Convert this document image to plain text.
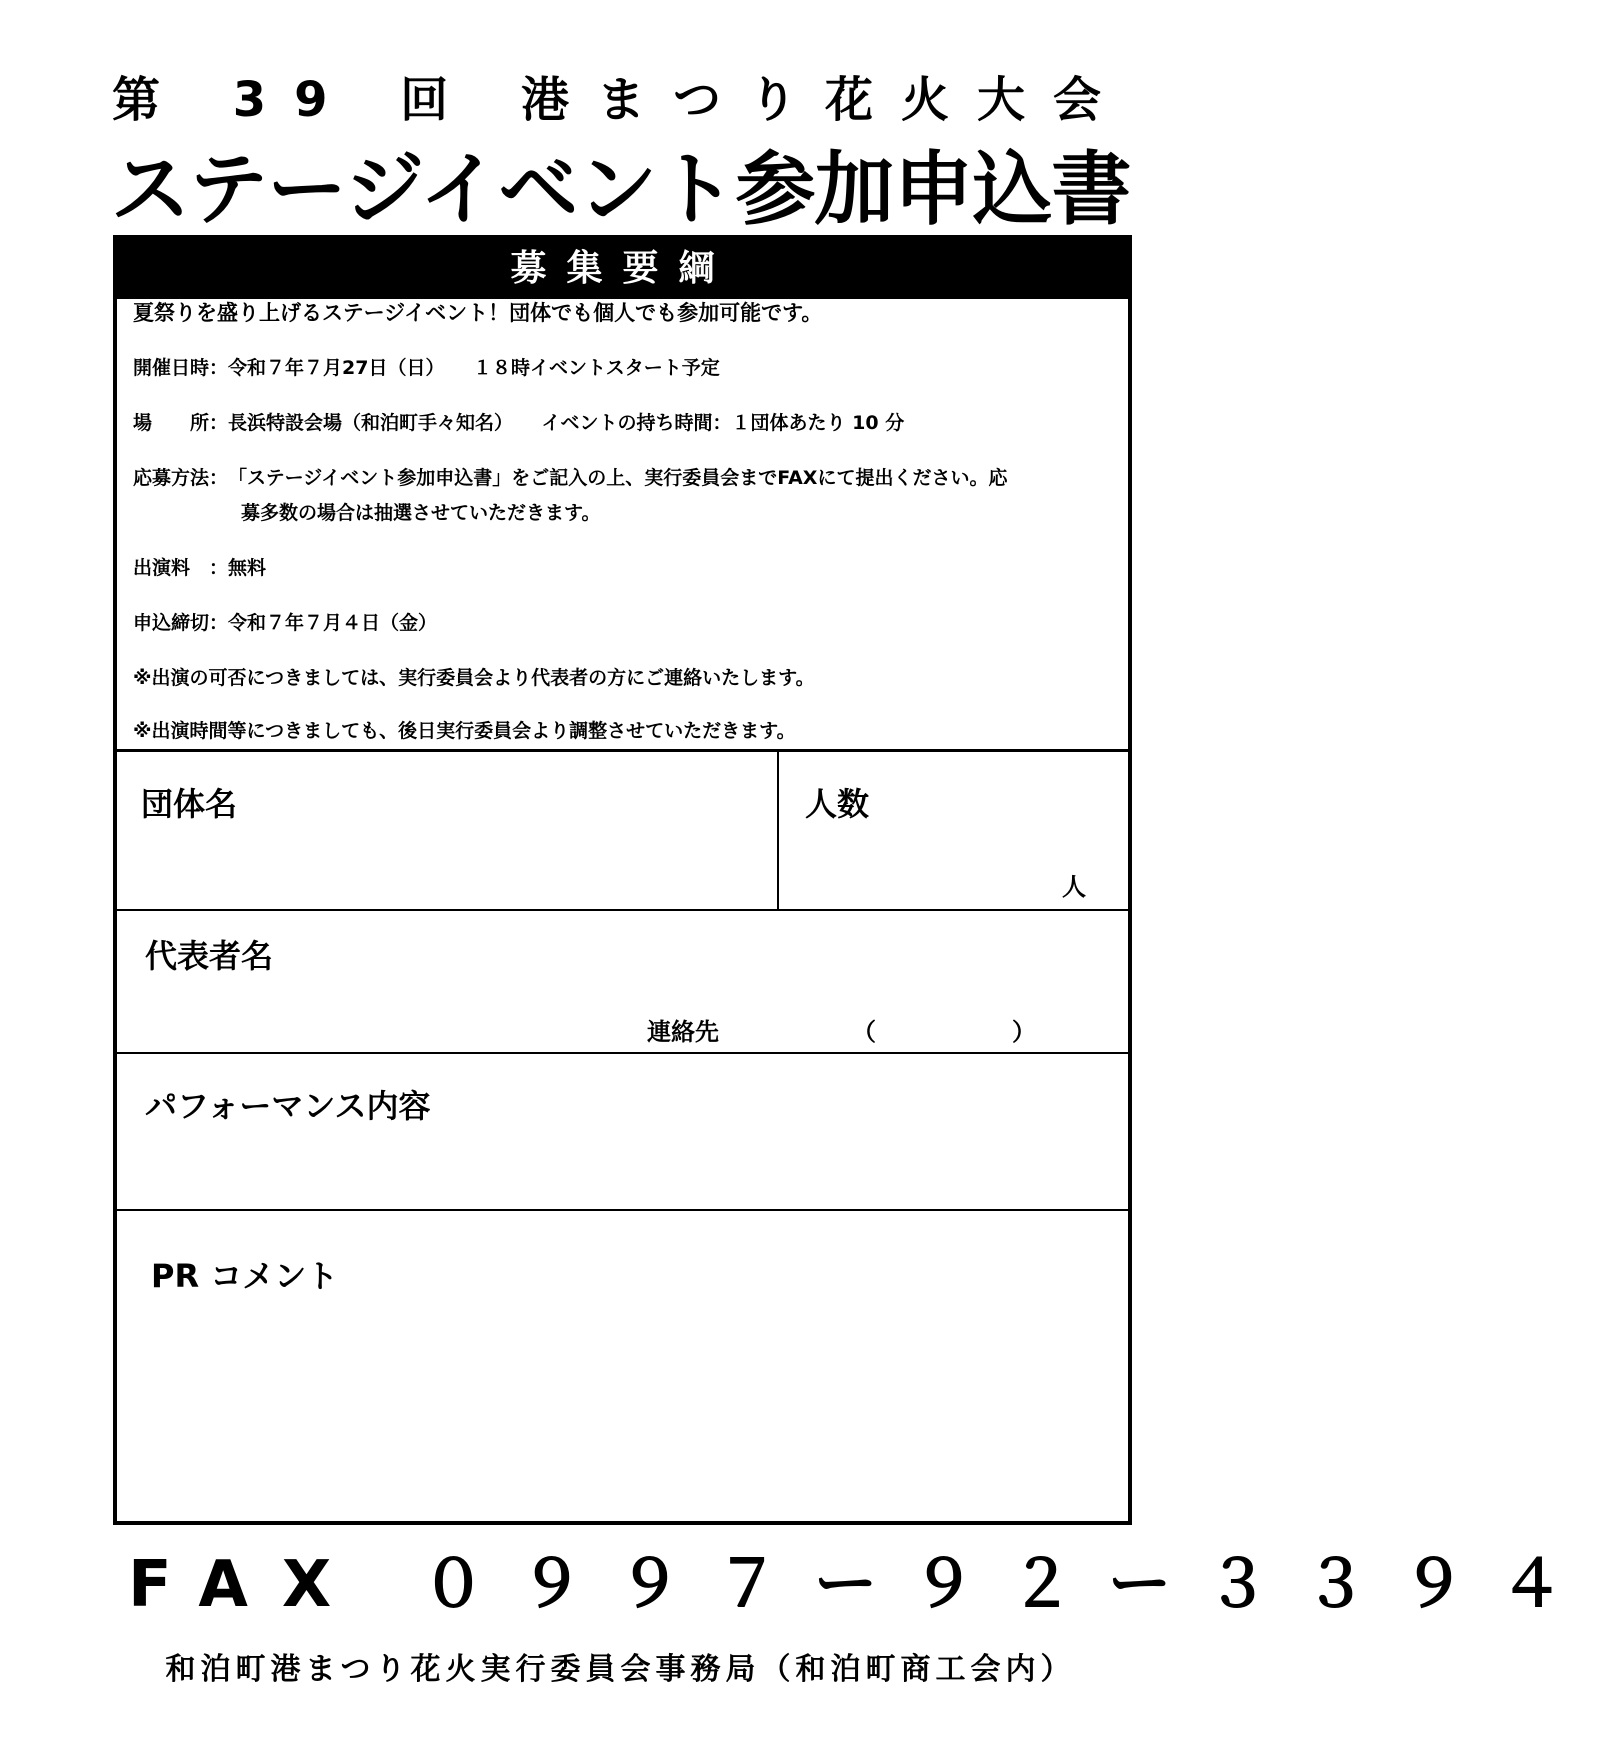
第 39 回 港まつり花火大会
ステージイベント参加申込書
募集要綱
夏祭りを盛り上げるステージイベント！団体でも個人でも参加可能です。
開催日時：令和７年７月27日（日）　　１８時イベントスタート予定
場　　所：長浜特設会場（和泊町手々知名）　　イベントの持ち時間：１団体あたり 10 分
応募方法：「ステージイベント参加申込書」をご記入の上、実行委員会までFAXにて提出ください。応
募多数の場合は抽選させていただきます。
出演料　：無料
申込締切：令和７年７月４日（金）
※出演の可否につきましては、実行委員会より代表者の方にご連絡いたします。
※出演時間等につきましても、後日実行委員会より調整させていただきます。
団体名	人数
人
代表者名
連絡先	（　　　　）
パフォーマンス内容
PR コメント
FAX ０９９７ー９２ー３３９４
和泊町港まつり花火実行委員会事務局（和泊町商工会内）
